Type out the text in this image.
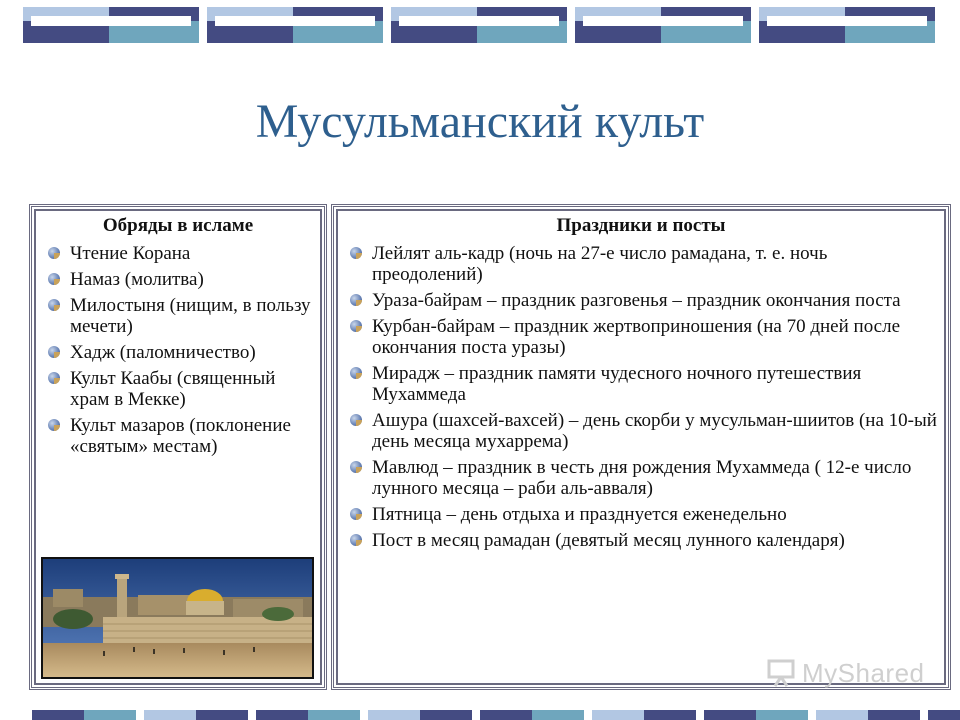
Мусульманский культ
Обряды в исламе
Чтение Корана
Намаз (молитва)
Милостыня (нищим, в пользу мечети)
Хадж (паломничество)
Культ Каабы (священный храм в Мекке)
Культ мазаров (поклонение «святым» местам)
Праздники и посты
Лейлят аль-кадр (ночь на 27-е число рамадана, т. е. ночь преодолений)
Ураза-байрам – праздник разговенья – праздник окончания поста
Курбан-байрам – праздник жертвоприношения (на 70 дней после окончания поста уразы)
Мирадж – праздник памяти чудесного ночного путешествия Мухаммеда
Ашура (шахсей-вахсей) – день скорби у мусульман-шиитов (на 10-ый день месяца мухаррема)
Мавлюд – праздник в честь дня рождения Мухаммеда ( 12-е число лунного месяца – раби аль-авваля)
Пятница – день отдыха и празднуется еженедельно
Пост в месяц рамадан (девятый месяц лунного календаря)
MyShared
